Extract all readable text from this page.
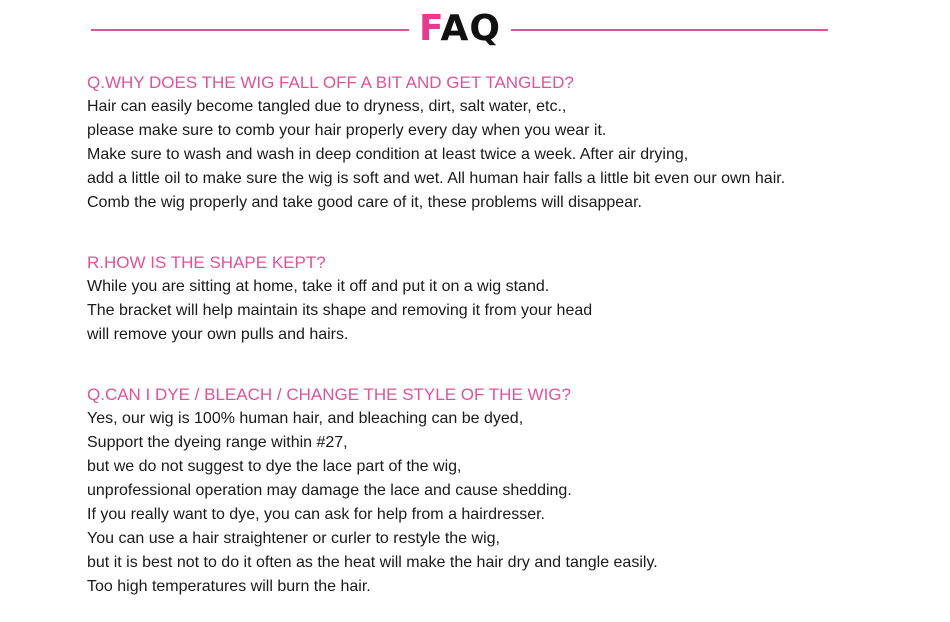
FAQ
Q.WHY DOES THE WIG FALL OFF A BIT AND GET TANGLED?
Hair can easily become tangled due to dryness, dirt, salt water, etc.,
please make sure to comb your hair properly every day when you wear it.
Make sure to wash and wash in deep condition at least twice a week. After air drying,
add a little oil to make sure the wig is soft and wet. All human hair falls a little bit even our own hair.
Comb the wig properly and take good care of it, these problems will disappear.
R.HOW IS THE SHAPE KEPT?
While you are sitting at home, take it off and put it on a wig stand.
The bracket will help maintain its shape and removing it from your head
will remove your own pulls and hairs.
Q.CAN I DYE / BLEACH / CHANGE THE STYLE OF THE WIG?
Yes, our wig is 100% human hair, and bleaching can be dyed,
Support the dyeing range within #27,
but we do not suggest to dye the lace part of the wig,
unprofessional operation may damage the lace and cause shedding.
If you really want to dye, you can ask for help from a hairdresser.
You can use a hair straightener or curler to restyle the wig,
but it is best not to do it often as the heat will make the hair dry and tangle easily.
Too high temperatures will burn the hair.
